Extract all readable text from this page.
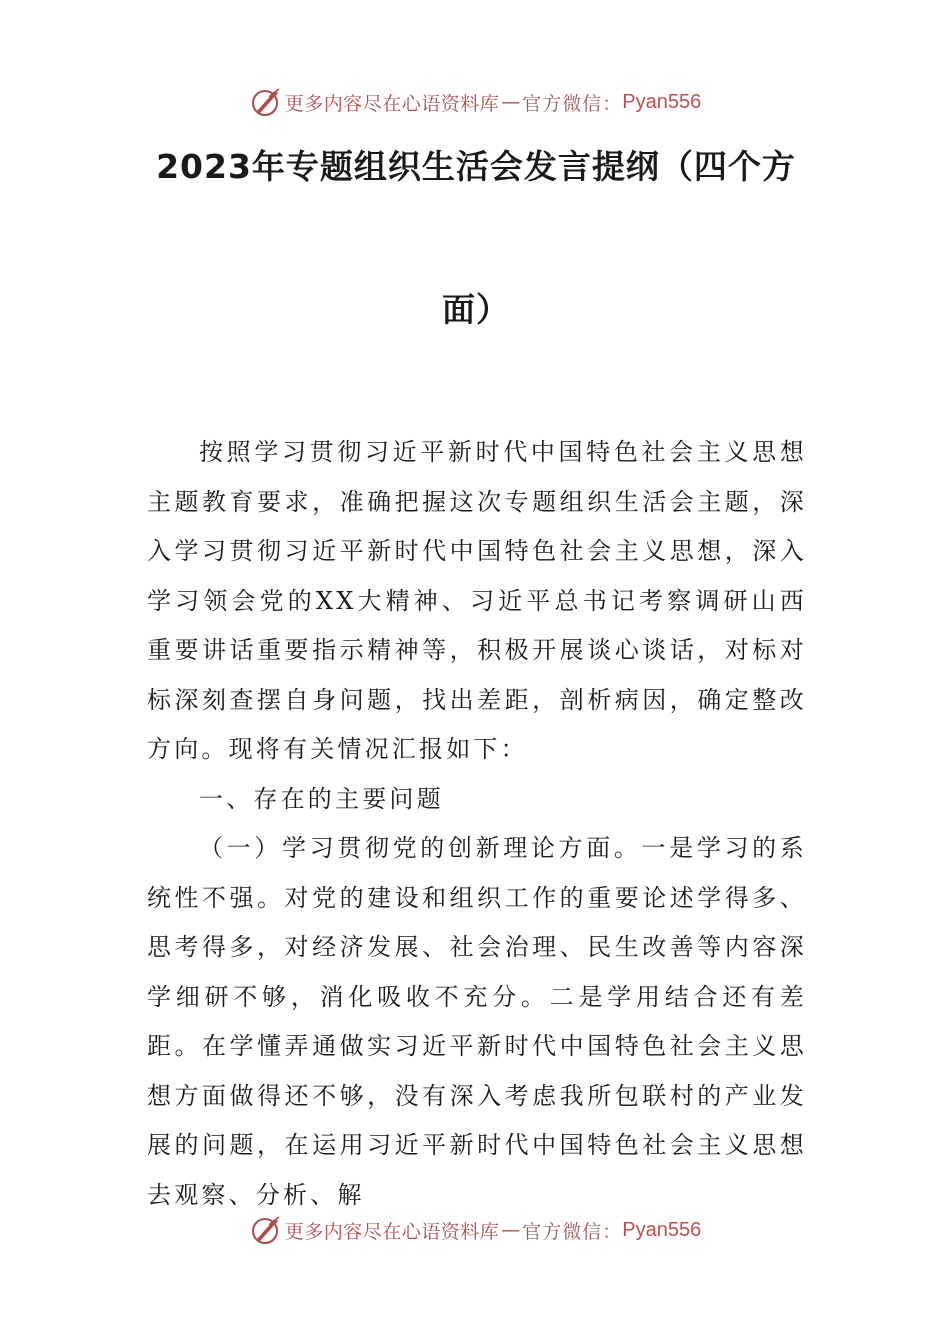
更多内容尽在心语资料库 — 官方微信： Pyan556
2023年专题组织生活会发言提纲（四个方
面）

按照学习贯彻习近平新时代中国特色社会主义思想主题教育要求，准确把握这次专题组织生活会主题，深入学习贯彻习近平新时代中国特色社会主义思想，深入学习领会党的XX大精神、习近平总书记考察调研山西重要讲话重要指示精神等，积极开展谈心谈话，对标对标深刻查摆自身问题，找出差距，剖析病因，确定整改方向。现将有关情况汇报如下：

一、存在的主要问题

（一）学习贯彻党的创新理论方面。一是学习的系统性不强。对党的建设和组织工作的重要论述学得多、思考得多，对经济发展、社会治理、民生改善等内容深学细研不够，消化吸收不充分。二是学用结合还有差距。在学懂弄通做实习近平新时代中国特色社会主义思想方面做得还不够，没有深入考虑我所包联村的产业发展的问题，在运用习近平新时代中国特色社会主义思想去观察、分析、解

更多内容尽在心语资料库 — 官方微信： Pyan556
